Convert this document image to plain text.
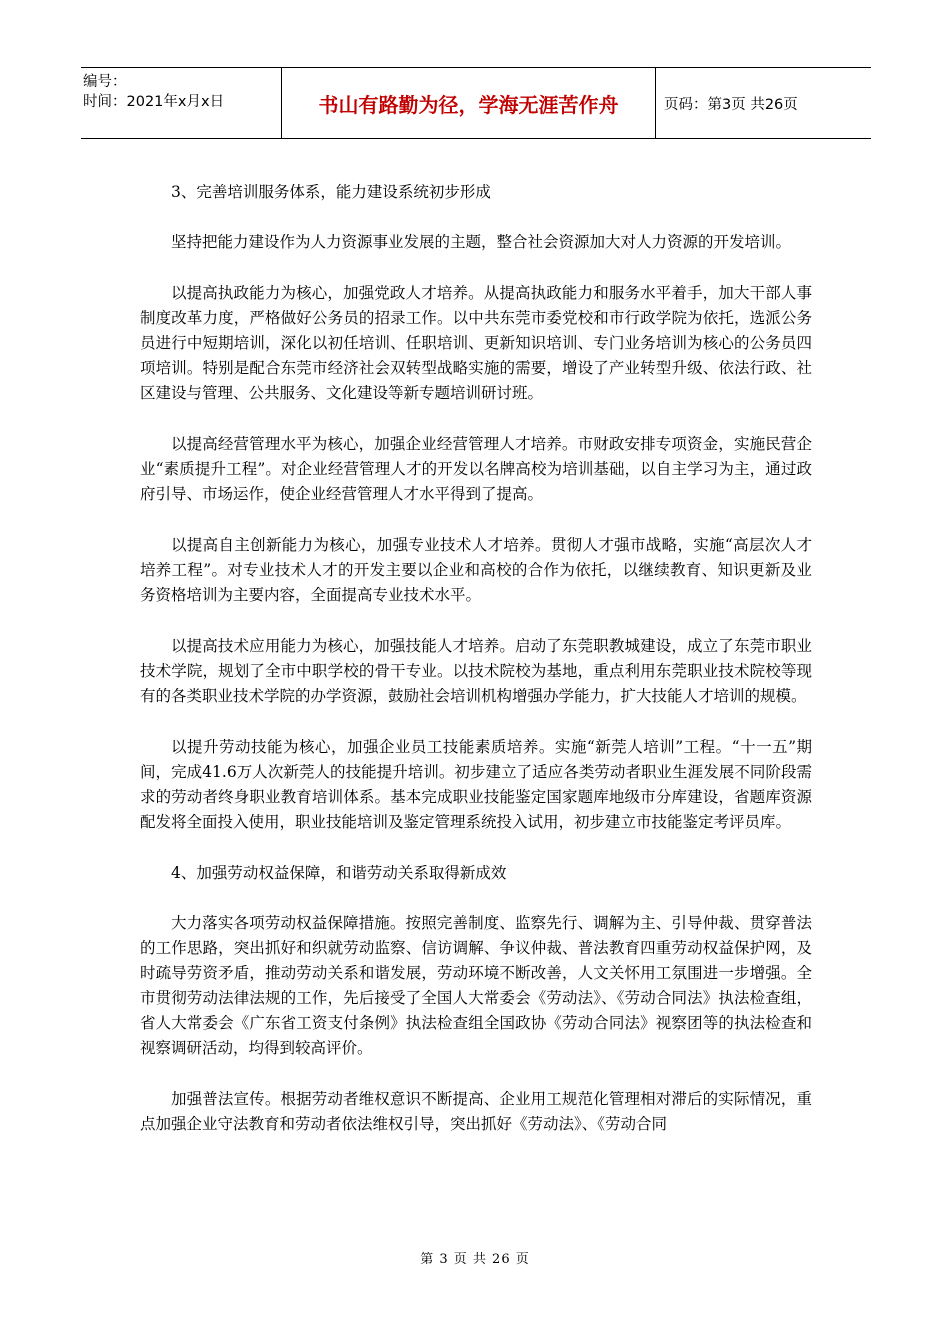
编号：
时间：2021年x月x日	书山有路勤为径，学海无涯苦作舟	页码：第3页 共26页

3、完善培训服务体系，能力建设系统初步形成

坚持把能力建设作为人力资源事业发展的主题，整合社会资源加大对人力资源的开发培训。

以提高执政能力为核心，加强党政人才培养。从提高执政能力和服务水平着手，加大干部人事制度改革力度，严格做好公务员的招录工作。以中共东莞市委党校和市行政学院为依托，选派公务员进行中短期培训，深化以初任培训、任职培训、更新知识培训、专门业务培训为核心的公务员四项培训。特别是配合东莞市经济社会双转型战略实施的需要，增设了产业转型升级、依法行政、社区建设与管理、公共服务、文化建设等新专题培训研讨班。

以提高经营管理水平为核心，加强企业经营管理人才培养。市财政安排专项资金，实施民营企业“素质提升工程”。对企业经营管理人才的开发以名牌高校为培训基础，以自主学习为主，通过政府引导、市场运作，使企业经营管理人才水平得到了提高。

以提高自主创新能力为核心，加强专业技术人才培养。贯彻人才强市战略，实施“高层次人才培养工程”。对专业技术人才的开发主要以企业和高校的合作为依托，以继续教育、知识更新及业务资格培训为主要内容，全面提高专业技术水平。

以提高技术应用能力为核心，加强技能人才培养。启动了东莞职教城建设，成立了东莞市职业技术学院，规划了全市中职学校的骨干专业。以技术院校为基地，重点利用东莞职业技术院校等现有的各类职业技术学院的办学资源，鼓励社会培训机构增强办学能力，扩大技能人才培训的规模。

以提升劳动技能为核心，加强企业员工技能素质培养。实施“新莞人培训”工程。“十一五”期间，完成41.6万人次新莞人的技能提升培训。初步建立了适应各类劳动者职业生涯发展不同阶段需求的劳动者终身职业教育培训体系。基本完成职业技能鉴定国家题库地级市分库建设，省题库资源配发将全面投入使用，职业技能培训及鉴定管理系统投入试用，初步建立市技能鉴定考评员库。

4、加强劳动权益保障，和谐劳动关系取得新成效

大力落实各项劳动权益保障措施。按照完善制度、监察先行、调解为主、引导仲裁、贯穿普法的工作思路，突出抓好和织就劳动监察、信访调解、争议仲裁、普法教育四重劳动权益保护网，及时疏导劳资矛盾，推动劳动关系和谐发展，劳动环境不断改善，人文关怀用工氛围进一步增强。全市贯彻劳动法律法规的工作，先后接受了全国人大常委会《劳动法》、《劳动合同法》执法检查组，省人大常委会《广东省工资支付条例》执法检查组全国政协《劳动合同法》视察团等的执法检查和视察调研活动，均得到较高评价。

加强普法宣传。根据劳动者维权意识不断提高、企业用工规范化管理相对滞后的实际情况，重点加强企业守法教育和劳动者依法维权引导，突出抓好《劳动法》、《劳动合同

第 3 页 共 26 页
